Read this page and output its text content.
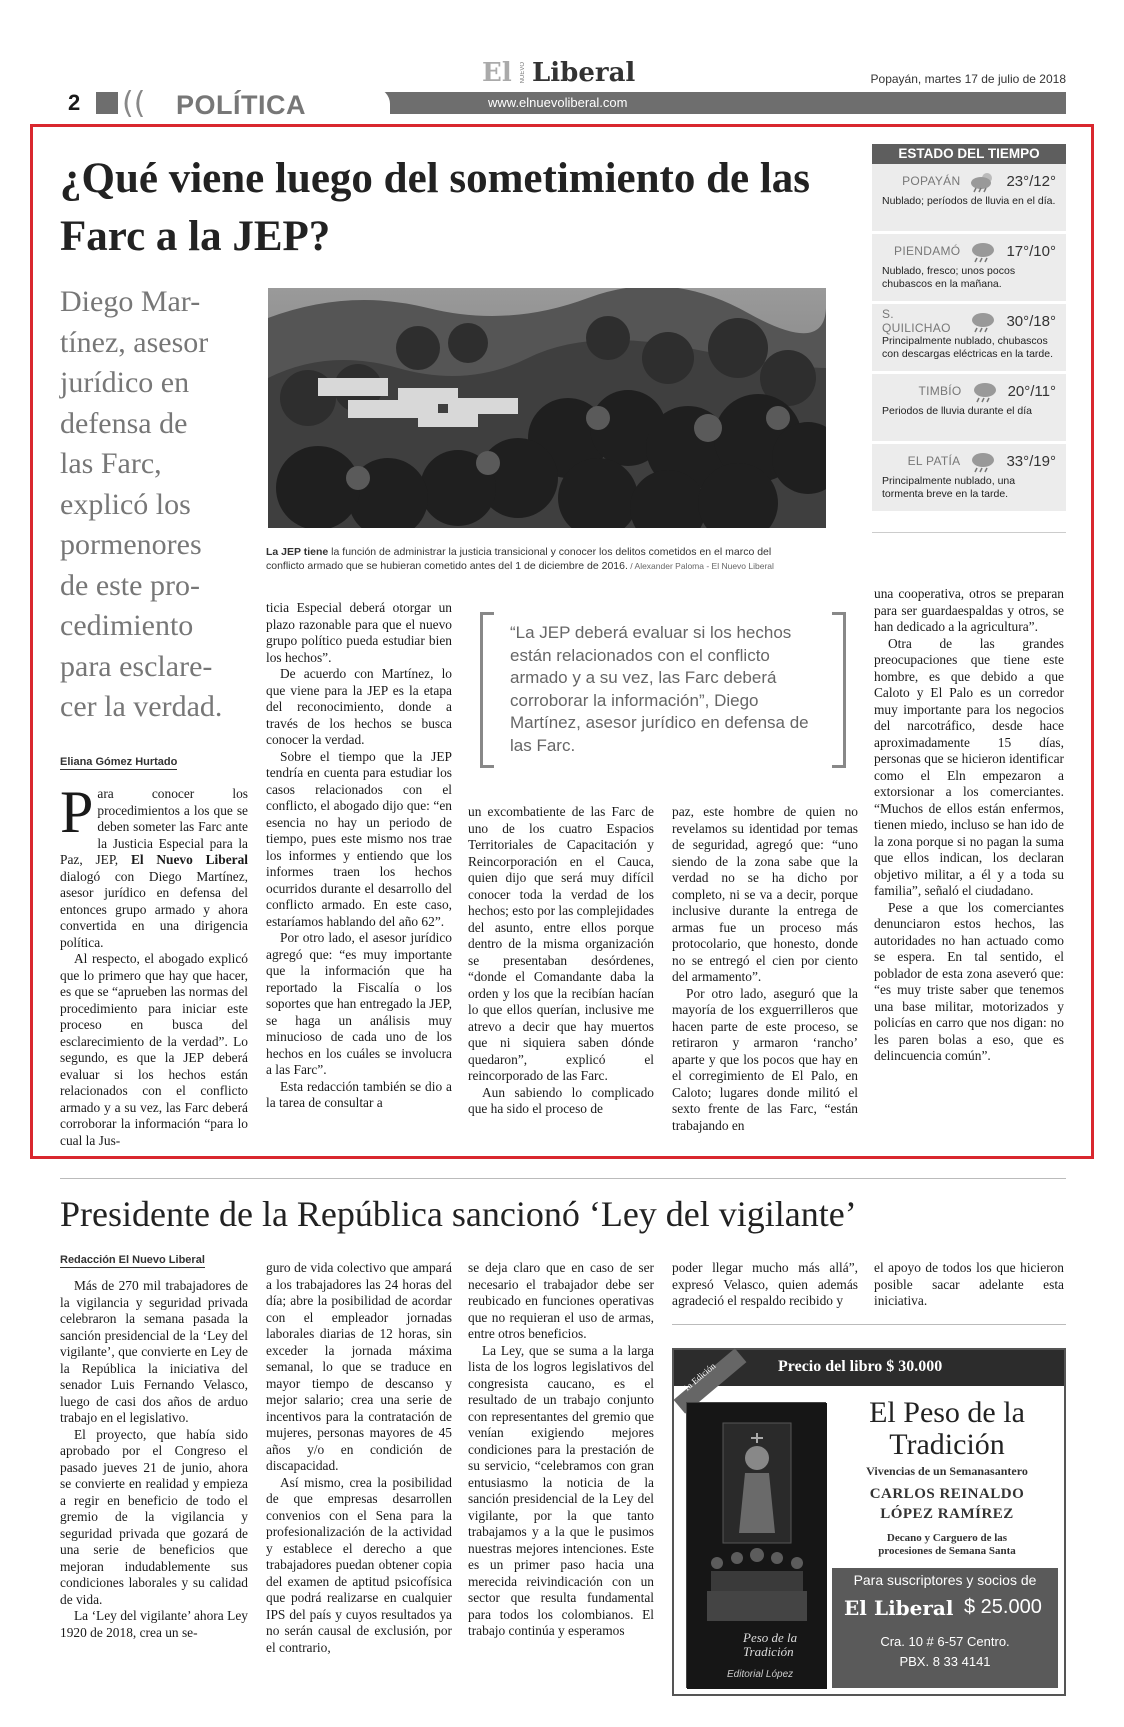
2 (( POLÍTICA
El NUEVO Liberal
www.elnuevoliberal.com
Popayán, martes 17 de julio de 2018
¿Qué viene luego del sometimiento de las Farc a la JEP?
Diego Mar-
tínez, asesor
jurídico en
defensa de
las Farc,
explicó los
pormenores
de este pro-
cedimiento
para esclare-
cer la verdad.
La JEP tiene la función de administrar la justicia transicional y conocer los delitos cometidos en el marco del conflicto armado que se hubieran cometido antes del 1 de diciembre de 2016. / Alexander Paloma - El Nuevo Liberal
ESTADO DEL TIEMPO
POPAYÁN	23°/12°
Nublado; períodos de lluvia en el día.
PIENDAMÓ	17°/10°
Nublado, fresco; unos pocos chubascos en la mañana.
S. QUILICHAO	30°/18°
Principalmente nublado, chubascos con descargas eléctricas en la tarde.
TIMBÍO	20°/11°
Periodos de lluvia durante el día
EL PATÍA	33°/19°
Principalmente nublado, una tormenta breve en la tarde.
“La JEP deberá evaluar si los hechos están relacionados con el conflicto armado y a su vez, las Farc deberá corroborar la información”, Diego Martínez, asesor jurídico en defensa de las Farc.
Eliana Gómez Hurtado

Para conocer los procedimientos a los que se deben someter las Farc ante la Justicia Especial para la Paz, JEP, El Nuevo Liberal dialogó con Diego Martínez, asesor jurídico en defensa del entonces grupo armado y ahora convertida en una dirigencia política.

Al respecto, el abogado explicó que lo primero que hay que hacer, es que se “aprueben las normas del procedimiento para iniciar este proceso en busca del esclarecimiento de la verdad”. Lo segundo, es que la JEP deberá evaluar si los hechos están relacionados con el conflicto armado y a su vez, las Farc deberá corroborar la información “para lo cual la Jus-

ticia Especial deberá otorgar un plazo razonable para que el nuevo grupo político pueda estudiar bien los hechos”.

De acuerdo con Martínez, lo que viene para la JEP es la etapa del reconocimiento, donde a través de los hechos se busca conocer la verdad.

Sobre el tiempo que la JEP tendría en cuenta para estudiar los casos relacionados con el conflicto, el abogado dijo que: “en esencia no hay un periodo de tiempo, pues este mismo nos trae los informes y entiendo que los informes traen los hechos ocurridos durante el desarrollo del conflicto armado. En este caso, estaríamos hablando del año 62”.

Por otro lado, el asesor jurídico agregó que: “es muy importante que la información que ha reportado la Fiscalía o los soportes que han entregado la JEP, se haga un análisis muy minucioso de cada uno de los hechos en los cuáles se involucra a las Farc”.

Esta redacción también se dio a la tarea de consultar a

un excombatiente de las Farc de uno de los cuatro Espacios Territoriales de Capacitación y Reincorporación en el Cauca, quien dijo que será muy difícil conocer toda la verdad de los hechos; esto por las complejidades del asunto, entre ellos porque dentro de la misma organización se presentaban desórdenes, “donde el Comandante daba la orden y los que la recibían hacían lo que ellos querían, inclusive me atrevo a decir que hay muertos que ni siquiera saben dónde quedaron”, explicó el reincorporado de las Farc.

Aun sabiendo lo complicado que ha sido el proceso de

paz, este hombre de quien no revelamos su identidad por temas de seguridad, agregó que: “uno siendo de la zona sabe que la verdad no se ha dicho por completo, ni se va a decir, porque inclusive durante la entrega de armas fue un proceso más protocolario, que honesto, donde no se entregó el cien por ciento del armamento”.

Por otro lado, aseguró que la mayoría de los exguerrilleros que hacen parte de este proceso, se retiraron y armaron ‘rancho’ aparte y que los pocos que hay en el corregimiento de El Palo, en Caloto; lugares donde militó el sexto frente de las Farc, “están trabajando en

una cooperativa, otros se preparan para ser guardaespaldas y otros, se han dedicado a la agricultura”.

Otra de las grandes preocupaciones que tiene este hombre, es que debido a que Caloto y El Palo es un corredor muy importante para los negocios del narcotráfico, desde hace aproximadamente 15 días, personas que se hicieron identificar como el Eln empezaron a extorsionar a los comerciantes. “Muchos de ellos están enfermos, tienen miedo, incluso se han ido de la zona porque si no pagan la suma que ellos indican, los declaran objetivo militar, a él y a toda su familia”, señaló el ciudadano.

Pese a que los comerciantes denunciaron estos hechos, las autoridades no han actuado como se espera. En tal sentido, el poblador de esta zona aseveró que: “es muy triste saber que tenemos una base militar, motorizados y policías en carro que nos digan: no les paren bolas a eso, que es delincuencia común”.

Presidente de la República sancionó ‘Ley del vigilante’
Redacción El Nuevo Liberal

Más de 270 mil trabajadores de la vigilancia y seguridad privada celebraron la semana pasada la sanción presidencial de la ‘Ley del vigilante’, que convierte en Ley de la República la iniciativa del senador Luis Fernando Velasco, luego de casi dos años de arduo trabajo en el legislativo.

El proyecto, que había sido aprobado por el Congreso el pasado jueves 21 de junio, ahora se convierte en realidad y empieza a regir en beneficio de todo el gremio de la vigilancia y seguridad privada que gozará de una serie de beneficios que mejoran indudablemente sus condiciones laborales y su calidad de vida.

La ‘Ley del vigilante’ ahora Ley 1920 de 2018, crea un se-

guro de vida colectivo que ampará a los trabajadores las 24 horas del día; abre la posibilidad de acordar con el empleador jornadas laborales diarias de 12 horas, sin exceder la jornada máxima semanal, lo que se traduce en mayor tiempo de descanso y mejor salario; crea una serie de incentivos para la contratación de mujeres, personas mayores de 45 años y/o en condición de discapacidad.

Así mismo, crea la posibilidad de que empresas desarrollen convenios con el Sena para la profesionalización de la actividad y establece el derecho a que trabajadores puedan obtener copia del examen de aptitud psicofísica que podrá realizarse en cualquier IPS del país y cuyos resultados ya no serán causal de exclusión, por el contrario,

se deja claro que en caso de ser necesario el trabajador debe ser reubicado en funciones operativas que no requieran el uso de armas, entre otros beneficios.

La Ley, que se suma a la larga lista de los logros legislativos del congresista caucano, es el resultado de un trabajo conjunto con representantes del gremio que venían exigiendo mejores condiciones para la prestación de su servicio, “celebramos con gran entusiasmo la noticia de la sanción presidencial de la Ley del vigilante, por la que tanto trabajamos y a la que le pusimos nuestras mejores intenciones. Este es un primer paso hacia una merecida reivindicación con un sector que resulta fundamental para todos los colombianos. El trabajo continúa y esperamos

poder llegar mucho más allá”, expresó Velasco, quien además agradeció el respaldo recibido y

el apoyo de todos los que hicieron posible sacar adelante esta iniciativa.

Precio del libro $ 30.000
1a Edición
Peso de la Tradición
Editorial López
El Peso de la
Tradición
Vivencias de un Semanasantero
CARLOS REINALDO
LÓPEZ RAMÍREZ
Decano y Carguero de las procesiones de Semana Santa
Para suscriptores y socios de
El Liberal $ 25.000
Cra. 10 # 6-57 Centro.
PBX. 8 33 4141
